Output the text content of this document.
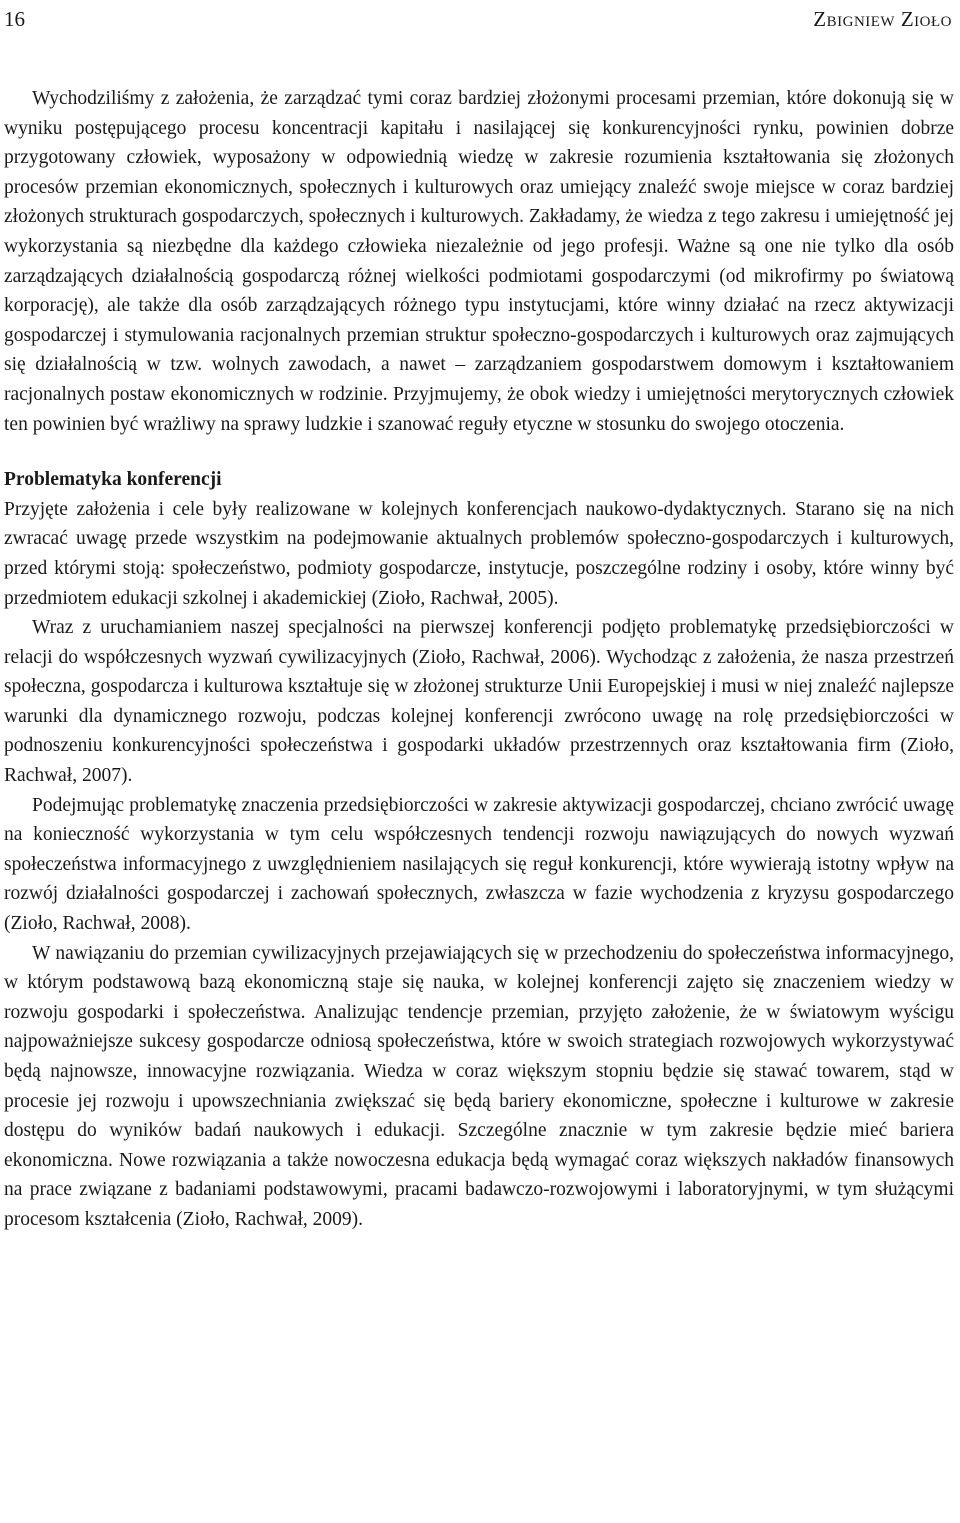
16	Zbigniew Zioło

Wychodziliśmy z założenia, że zarządzać tymi coraz bardziej złożonymi procesami przemian, które dokonują się w wyniku postępującego procesu koncentracji kapitału i nasilającej się konkurencyjności rynku, powinien dobrze przygotowany człowiek, wyposażony w odpowiednią wiedzę w zakresie rozumienia kształtowania się złożonych procesów przemian ekonomicznych, społecznych i kulturowych oraz umiejący znaleźć swoje miejsce w coraz bardziej złożonych strukturach gospodarczych, społecznych i kulturowych. Zakładamy, że wiedza z tego zakresu i umiejętność jej wykorzystania są niezbędne dla każdego człowieka niezależnie od jego profesji. Ważne są one nie tylko dla osób zarządzających działalnością gospodarczą różnej wielkości podmiotami gospodarczymi (od mikrofirmy po światową korporację), ale także dla osób zarządzających różnego typu instytucjami, które winny działać na rzecz aktywizacji gospodarczej i stymulowania racjonalnych przemian struktur społeczno-gospodarczych i kulturowych oraz zajmujących się działalnością w tzw. wolnych zawodach, a nawet – zarządzaniem gospodarstwem domowym i kształtowaniem racjonalnych postaw ekonomicznych w rodzinie. Przyjmujemy, że obok wiedzy i umiejętności merytorycznych człowiek ten powinien być wrażliwy na sprawy ludzkie i szanować reguły etyczne w stosunku do swojego otoczenia.

Problematyka konferencji

Przyjęte założenia i cele były realizowane w kolejnych konferencjach naukowo-dydaktycznych. Starano się na nich zwracać uwagę przede wszystkim na podejmowanie aktualnych problemów społeczno-gospodarczych i kulturowych, przed którymi stoją: społeczeństwo, podmioty gospodarcze, instytucje, poszczególne rodziny i osoby, które winny być przedmiotem edukacji szkolnej i akademickiej (Zioło, Rachwał, 2005).

Wraz z uruchamianiem naszej specjalności na pierwszej konferencji podjęto problematykę przedsiębiorczości w relacji do współczesnych wyzwań cywilizacyjnych (Zioło, Rachwał, 2006). Wychodząc z założenia, że nasza przestrzeń społeczna, gospodarcza i kulturowa kształtuje się w złożonej strukturze Unii Europejskiej i musi w niej znaleźć najlepsze warunki dla dynamicznego rozwoju, podczas kolejnej konferencji zwrócono uwagę na rolę przedsiębiorczości w podnoszeniu konkurencyjności społeczeństwa i gospodarki układów przestrzennych oraz kształtowania firm (Zioło, Rachwał, 2007).

Podejmując problematykę znaczenia przedsiębiorczości w zakresie aktywizacji gospodarczej, chciano zwrócić uwagę na konieczność wykorzystania w tym celu współczesnych tendencji rozwoju nawiązujących do nowych wyzwań społeczeństwa informacyjnego z uwzględnieniem nasilających się reguł konkurencji, które wywierają istotny wpływ na rozwój działalności gospodarczej i zachowań społecznych, zwłaszcza w fazie wychodzenia z kryzysu gospodarczego (Zioło, Rachwał, 2008).

W nawiązaniu do przemian cywilizacyjnych przejawiających się w przechodzeniu do społeczeństwa informacyjnego, w którym podstawową bazą ekonomiczną staje się nauka, w kolejnej konferencji zajęto się znaczeniem wiedzy w rozwoju gospodarki i społeczeństwa. Analizując tendencje przemian, przyjęto założenie, że w światowym wyścigu najpoważniejsze sukcesy gospodarcze odniosą społeczeństwa, które w swoich strategiach rozwojowych wykorzystywać będą najnowsze, innowacyjne rozwiązania. Wiedza w coraz większym stopniu będzie się stawać towarem, stąd w procesie jej rozwoju i upowszechniania zwiększać się będą bariery ekonomiczne, społeczne i kulturowe w zakresie dostępu do wyników badań naukowych i edukacji. Szczególne znacznie w tym zakresie będzie mieć bariera ekonomiczna. Nowe rozwiązania a także nowoczesna edukacja będą wymagać coraz większych nakładów finansowych na prace związane z badaniami podstawowymi, pracami badawczo-rozwojowymi i laboratoryjnymi, w tym służącymi procesom kształcenia (Zioło, Rachwał, 2009).
